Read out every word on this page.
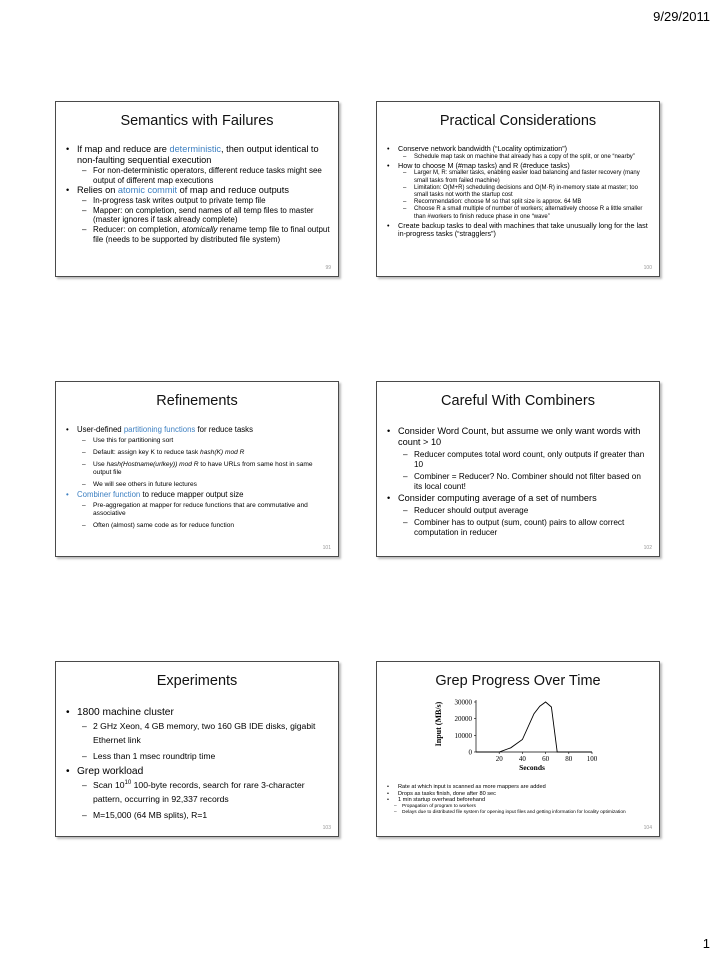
9/29/2011
Semantics with Failures
• If map and reduce are deterministic, then output identical to non-faulting sequential execution
– For non-deterministic operators, different reduce tasks might see output of different map executions
• Relies on atomic commit of map and reduce outputs
– In-progress task writes output to private temp file
– Mapper: on completion, send names of all temp files to master (master ignores if task already complete)
– Reducer: on completion, atomically rename temp file to final output file (needs to be supported by distributed file system)
99
Practical Considerations
• Conserve network bandwidth (“Locality optimization”)
– Schedule map task on machine that already has a copy of the split, or one “nearby”
• How to choose M (#map tasks) and R (#reduce tasks)
– Larger M, R: smaller tasks, enabling easier load balancing and faster recovery (many small tasks from failed machine)
– Limitation: O(M+R) scheduling decisions and O(M·R) in-memory state at master; too small tasks not worth the startup cost
– Recommendation: choose M so that split size is approx. 64 MB
– Choose R a small multiple of number of workers; alternatively choose R a little smaller than #workers to finish reduce phase in one “wave”
• Create backup tasks to deal with machines that take unusually long for the last in-progress tasks (“stragglers”)
100
Refinements
• User-defined partitioning functions for reduce tasks
– Use this for partitioning sort
– Default: assign key K to reduce task hash(K) mod R
– Use hash(Hostname(urlkey)) mod R to have URLs from same host in same output file
– We will see others in future lectures
• Combiner function to reduce mapper output size
– Pre-aggregation at mapper for reduce functions that are commutative and associative
– Often (almost) same code as for reduce function
101
Careful With Combiners
• Consider Word Count, but assume we only want words with count > 10
– Reducer computes total word count, only outputs if greater than 10
– Combiner = Reducer? No. Combiner should not filter based on its local count!
• Consider computing average of a set of numbers
– Reducer should output average
– Combiner has to output (sum, count) pairs to allow correct computation in reducer
102
Experiments
• 1800 machine cluster
– 2 GHz Xeon, 4 GB memory, two 160 GB IDE disks, gigabit Ethernet link
– Less than 1 msec roundtrip time
• Grep workload
– Scan $10^{10}$ 100-byte records, search for rare 3-character pattern, occurring in 92,337 records
– M=15,000 (64 MB splits), R=1
103
Grep Progress Over Time
Input (MB/s)
Seconds
0
10000
20000
30000
20 40 60 80 100
• Rate at which input is scanned as more mappers are added
• Drops as tasks finish, done after 80 sec
• 1 min startup overhead beforehand
– Propagation of program to workers
– Delays due to distributed file system for opening input files and getting information for locality optimization
104
1
